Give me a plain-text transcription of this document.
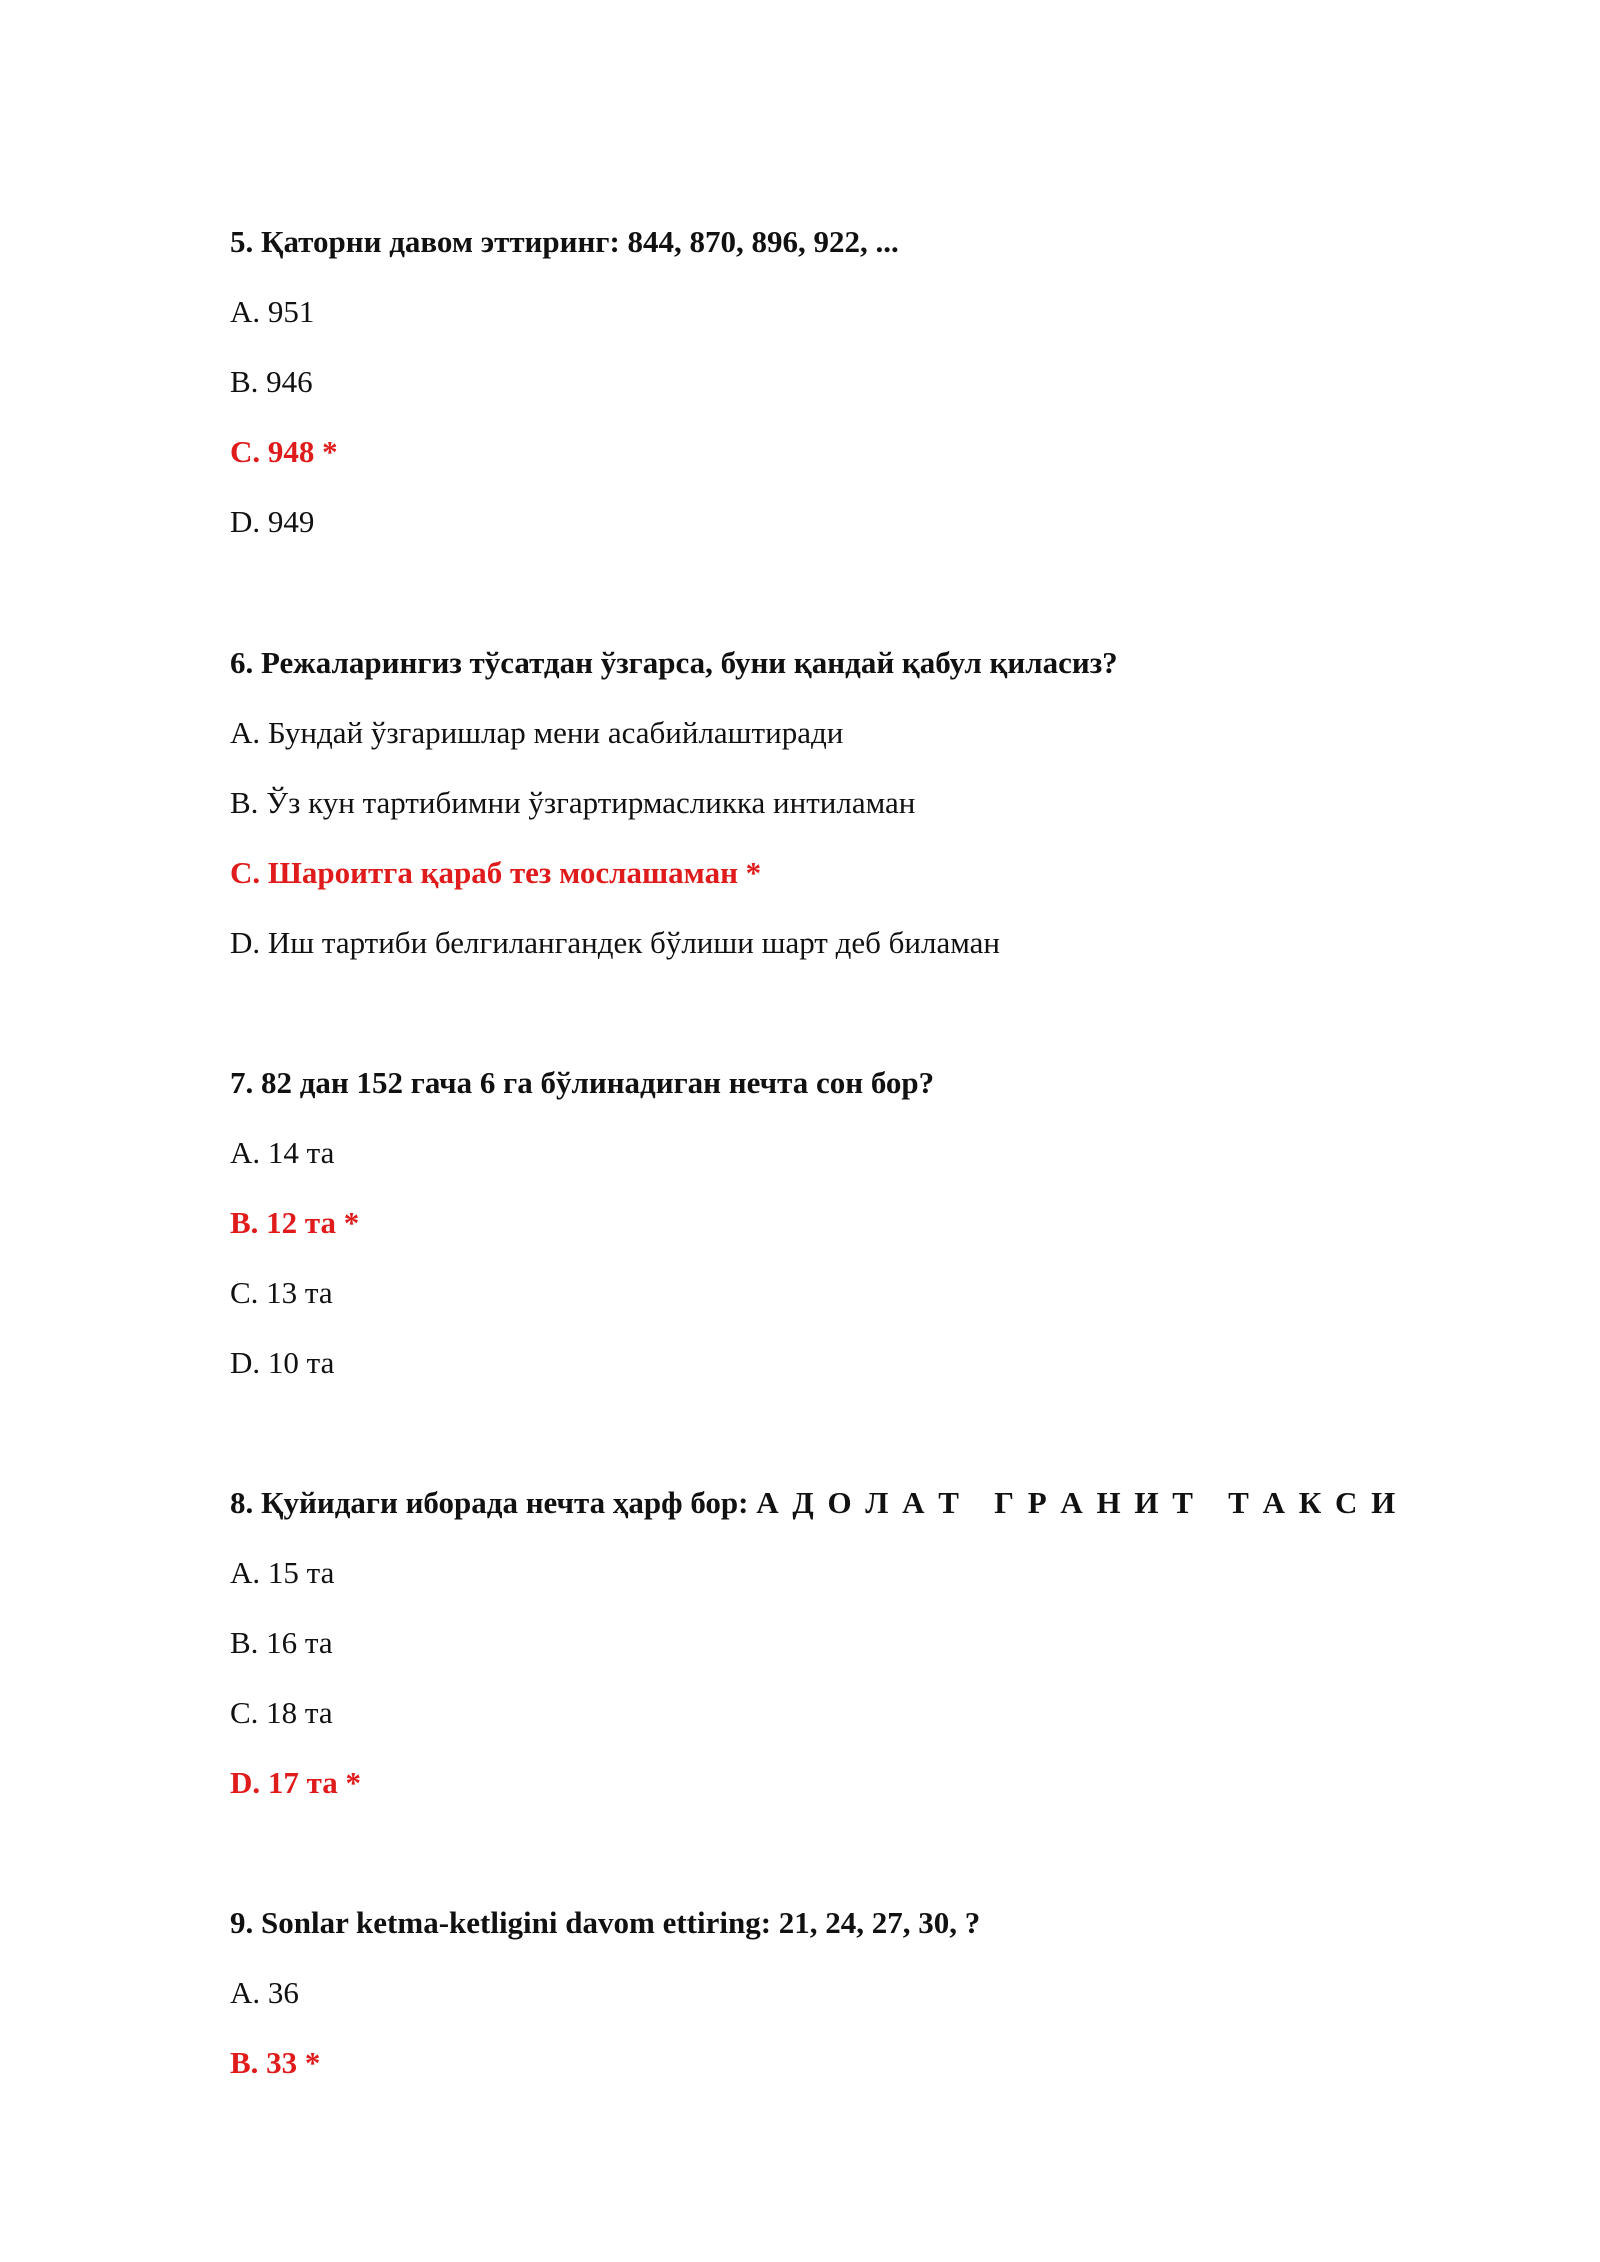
5. Қаторни давом эттиринг: 844, 870, 896, 922, ...

A. 951

B. 946

C. 948 *

D. 949

6. Режаларингиз тўсатдан ўзгарса, буни қандай қабул қиласиз?

A. Бундай ўзгаришлар мени асабийлаштиради

B. Ўз кун тартибимни ўзгартирмасликка интиламан

C. Шароитга қараб тез мослашаман *

D. Иш тартиби белгилангандек бўлиши шарт деб биламан

7. 82 дан 152 гача 6 га бўлинадиган нечта сон бор?

A. 14 та

B. 12 та *

C. 13 та

D. 10 та

8. Қуйидаги иборада нечта ҳарф бор: А Д О Л А Т   Г Р А Н И Т   Т А К С И

A. 15 та

B. 16 та

C. 18 та

D. 17 та *

9. Sonlar ketma-ketligini davom ettiring: 21, 24, 27, 30, ?

A. 36

B. 33 *
